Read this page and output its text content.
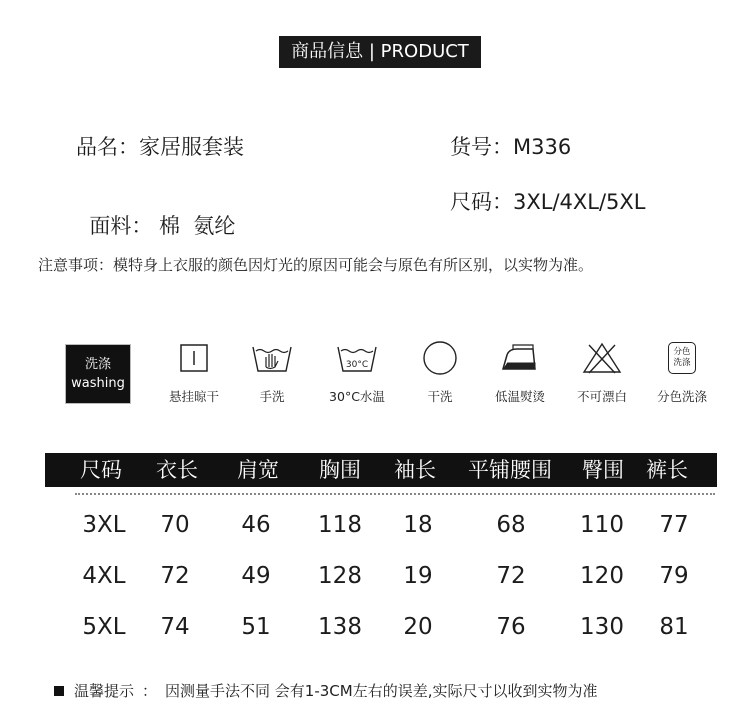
商品信息 | PRODUCT
品名：家居服套装	货号：M336

面料： 棉  氨纶

尺码：3XL/4XL/5XL
注意事项：模特身上衣服的颜色因灯光的原因可能会与原色有所区别，以实物为准。
洗涤
washing
悬挂晾干	手洗
30°C
30°C水温	干洗	低温熨烫	不可漂白
分色
洗涤
分色洗涤
尺码 衣长 肩宽 胸围 袖长 平铺腰围 臀围 裤长
3XL 70 46 118 18	68 110 77
4XL 72 49 128 19	72 120 79
5XL 74 51 138 20	76 130 81
温馨提示 ： 因测量手法不同 会有1-3CM左右的误差,实际尺寸以收到实物为准
